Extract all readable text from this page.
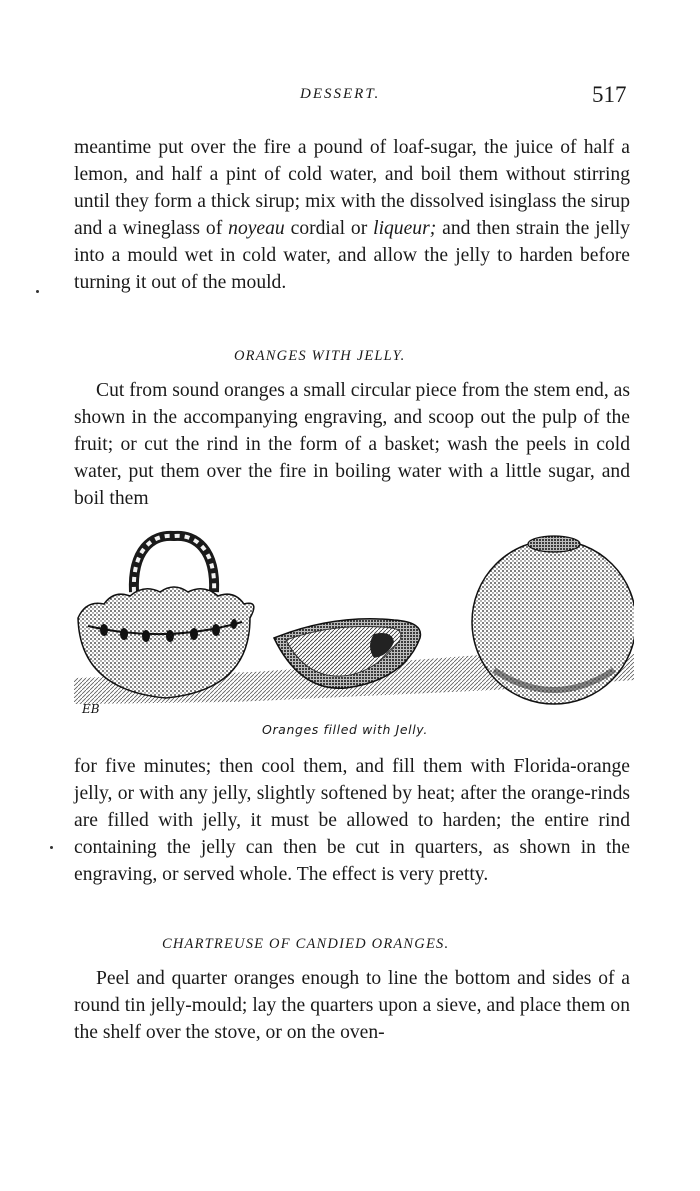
DESSERT.	517

meantime put over the fire a pound of loaf-sugar, the juice of half a lemon, and half a pint of cold water, and boil them without stirring until they form a thick sirup; mix with the dissolved isinglass the sirup and a wineglass of noyeau cordial or liqueur; and then strain the jelly into a mould wet in cold water, and allow the jelly to harden before turning it out of the mould.

ORANGES WITH JELLY.

Cut from sound oranges a small circular piece from the stem end, as shown in the accompanying engraving, and scoop out the pulp of the fruit; or cut the rind in the form of a basket; wash the peels in cold water, put them over the fire in boiling water with a little sugar, and boil them

EB
Oranges filled with Jelly.

for five minutes; then cool them, and fill them with Florida-orange jelly, or with any jelly, slightly softened by heat; after the orange-rinds are filled with jelly, it must be allowed to harden; the entire rind containing the jelly can then be cut in quarters, as shown in the engraving, or served whole. The effect is very pretty.

CHARTREUSE OF CANDIED ORANGES.

Peel and quarter oranges enough to line the bottom and sides of a round tin jelly-mould; lay the quarters upon a sieve, and place them on the shelf over the stove, or on the oven-
